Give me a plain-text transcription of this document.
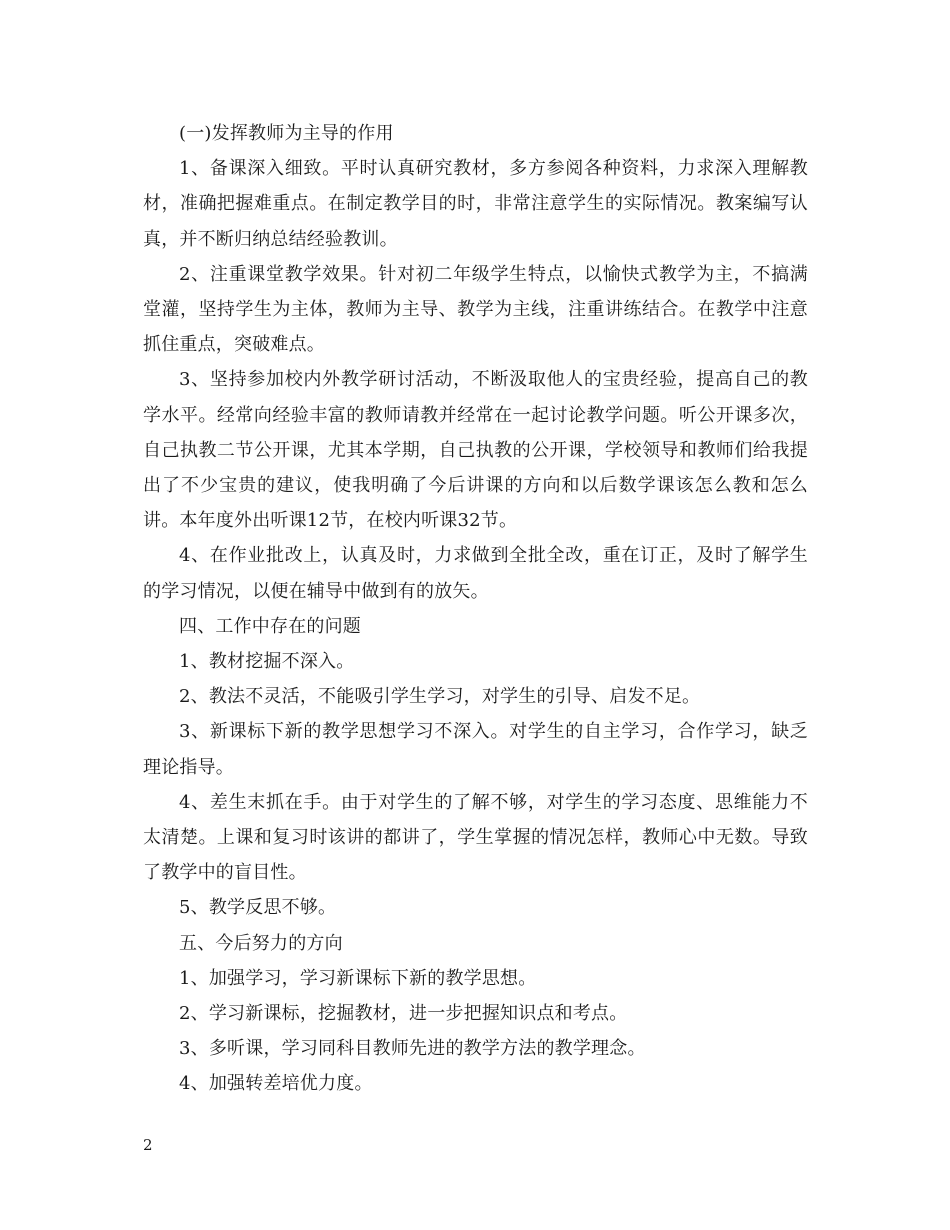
(一)发挥教师为主导的作用

1、备课深入细致。平时认真研究教材，多方参阅各种资料，力求深入理解教材，准确把握难重点。在制定教学目的时，非常注意学生的实际情况。教案编写认真，并不断归纳总结经验教训。

2、注重课堂教学效果。针对初二年级学生特点，以愉快式教学为主，不搞满堂灌，坚持学生为主体，教师为主导、教学为主线，注重讲练结合。在教学中注意抓住重点，突破难点。

3、坚持参加校内外教学研讨活动，不断汲取他人的宝贵经验，提高自己的教学水平。经常向经验丰富的教师请教并经常在一起讨论教学问题。听公开课多次，自己执教二节公开课，尤其本学期，自己执教的公开课，学校领导和教师们给我提出了不少宝贵的建议，使我明确了今后讲课的方向和以后数学课该怎么教和怎么讲。本年度外出听课12节，在校内听课32节。

4、在作业批改上，认真及时，力求做到全批全改，重在订正，及时了解学生的学习情况，以便在辅导中做到有的放矢。

四、工作中存在的问题

1、教材挖掘不深入。

2、教法不灵活，不能吸引学生学习，对学生的引导、启发不足。

3、新课标下新的教学思想学习不深入。对学生的自主学习，合作学习，缺乏理论指导。

4、差生末抓在手。由于对学生的了解不够，对学生的学习态度、思维能力不太清楚。上课和复习时该讲的都讲了，学生掌握的情况怎样，教师心中无数。导致了教学中的盲目性。

5、教学反思不够。

五、今后努力的方向

1、加强学习，学习新课标下新的教学思想。

2、学习新课标，挖掘教材，进一步把握知识点和考点。

3、多听课，学习同科目教师先进的教学方法的教学理念。

4、加强转差培优力度。

2
